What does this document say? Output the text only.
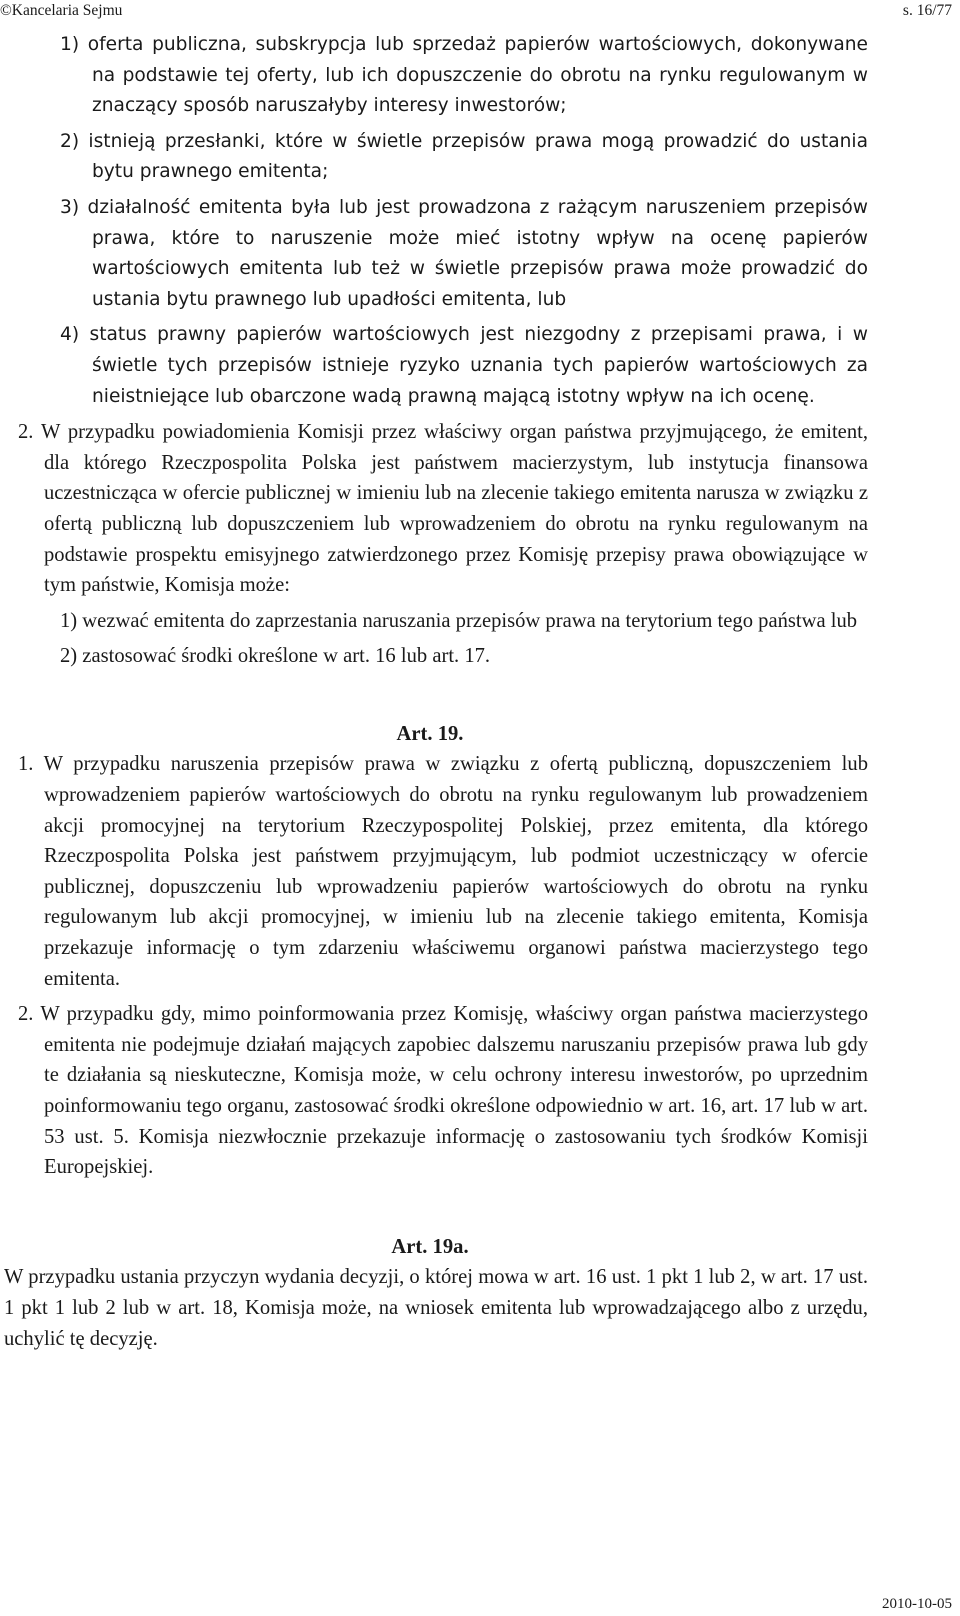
©Kancelaria Sejmu	s. 16/77

1) oferta publiczna, subskrypcja lub sprzedaż papierów wartościowych, dokonywane na podstawie tej oferty, lub ich dopuszczenie do obrotu na rynku regulowanym w znaczący sposób naruszałyby interesy inwestorów;

2) istnieją przesłanki, które w świetle przepisów prawa mogą prowadzić do ustania bytu prawnego emitenta;

3) działalność emitenta była lub jest prowadzona z rażącym naruszeniem przepisów prawa, które to naruszenie może mieć istotny wpływ na ocenę papierów wartościowych emitenta lub też w świetle przepisów prawa może prowadzić do ustania bytu prawnego lub upadłości emitenta, lub

4) status prawny papierów wartościowych jest niezgodny z przepisami prawa, i w świetle tych przepisów istnieje ryzyko uznania tych papierów wartościowych za nieistniejące lub obarczone wadą prawną mającą istotny wpływ na ich ocenę.

2. W przypadku powiadomienia Komisji przez właściwy organ państwa przyjmującego, że emitent, dla którego Rzeczpospolita Polska jest państwem macierzystym, lub instytucja finansowa uczestnicząca w ofercie publicznej w imieniu lub na zlecenie takiego emitenta narusza w związku z ofertą publiczną lub dopuszczeniem lub wprowadzeniem do obrotu na rynku regulowanym na podstawie prospektu emisyjnego zatwierdzonego przez Komisję przepisy prawa obowiązujące w tym państwie, Komisja może:

1) wezwać emitenta do zaprzestania naruszania przepisów prawa na terytorium tego państwa lub

2) zastosować środki określone w art. 16 lub art. 17.

Art. 19.

1. W przypadku naruszenia przepisów prawa w związku z ofertą publiczną, dopuszczeniem lub wprowadzeniem papierów wartościowych do obrotu na rynku regulowanym lub prowadzeniem akcji promocyjnej na terytorium Rzeczypospolitej Polskiej, przez emitenta, dla którego Rzeczpospolita Polska jest państwem przyjmującym, lub podmiot uczestniczący w ofercie publicznej, dopuszczeniu lub wprowadzeniu papierów wartościowych do obrotu na rynku regulowanym lub akcji promocyjnej, w imieniu lub na zlecenie takiego emitenta, Komisja przekazuje informację o tym zdarzeniu właściwemu organowi państwa macierzystego tego emitenta.

2. W przypadku gdy, mimo poinformowania przez Komisję, właściwy organ państwa macierzystego emitenta nie podejmuje działań mających zapobiec dalszemu naruszaniu przepisów prawa lub gdy te działania są nieskuteczne, Komisja może, w celu ochrony interesu inwestorów, po uprzednim poinformowaniu tego organu, zastosować środki określone odpowiednio w art. 16, art. 17 lub w art. 53 ust. 5. Komisja niezwłocznie przekazuje informację o zastosowaniu tych środków Komisji Europejskiej.

Art. 19a.

W przypadku ustania przyczyn wydania decyzji, o której mowa w art. 16 ust. 1 pkt 1 lub 2, w art. 17 ust. 1 pkt 1 lub 2 lub w art. 18, Komisja może, na wniosek emitenta lub wprowadzającego albo z urzędu, uchylić tę decyzję.

2010-10-05
